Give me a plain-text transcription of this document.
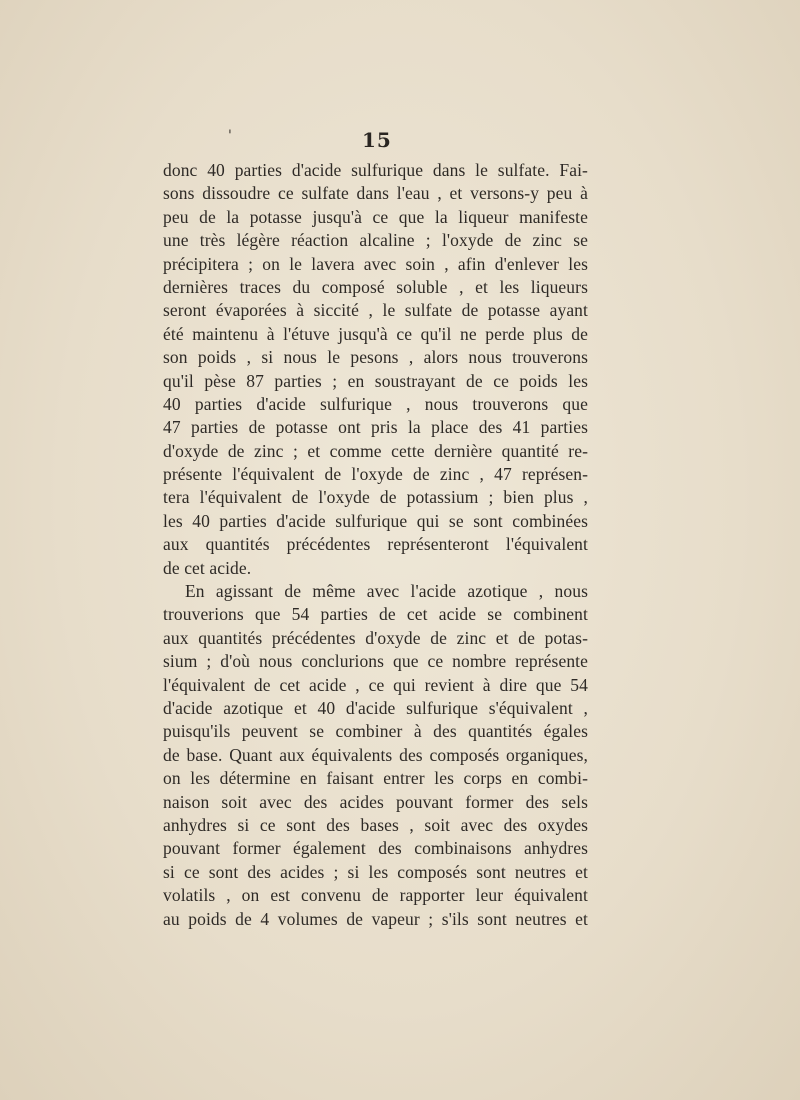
'	15
donc 40 parties d'acide sulfurique dans le sulfate. Fai-
sons dissoudre ce sulfate dans l'eau , et versons-y peu à
peu de la potasse jusqu'à ce que la liqueur manifeste
une très légère réaction alcaline ; l'oxyde de zinc se
précipitera ; on le lavera avec soin , afin d'enlever les
dernières traces du composé soluble , et les liqueurs
seront évaporées à siccité , le sulfate de potasse ayant
été maintenu à l'étuve jusqu'à ce qu'il ne perde plus de
son poids , si nous le pesons , alors nous trouverons
qu'il pèse 87 parties ; en soustrayant de ce poids les
40 parties d'acide sulfurique , nous trouverons que
47 parties de potasse ont pris la place des 41 parties
d'oxyde de zinc ; et comme cette dernière quantité re-
présente l'équivalent de l'oxyde de zinc , 47 représen-
tera l'équivalent de l'oxyde de potassium ; bien plus ,
les 40 parties d'acide sulfurique qui se sont combinées
aux quantités précédentes représenteront l'équivalent
de cet acide.
En agissant de même avec l'acide azotique , nous
trouverions que 54 parties de cet acide se combinent
aux quantités précédentes d'oxyde de zinc et de potas-
sium ; d'où nous conclurions que ce nombre représente
l'équivalent de cet acide , ce qui revient à dire que 54
d'acide azotique et 40 d'acide sulfurique s'équivalent ,
puisqu'ils peuvent se combiner à des quantités égales
de base. Quant aux équivalents des composés organiques,
on les détermine en faisant entrer les corps en combi-
naison soit avec des acides pouvant former des sels
anhydres si ce sont des bases , soit avec des oxydes
pouvant former également des combinaisons anhydres
si ce sont des acides ; si les composés sont neutres et
volatils , on est convenu de rapporter leur équivalent
au poids de 4 volumes de vapeur ; s'ils sont neutres et
